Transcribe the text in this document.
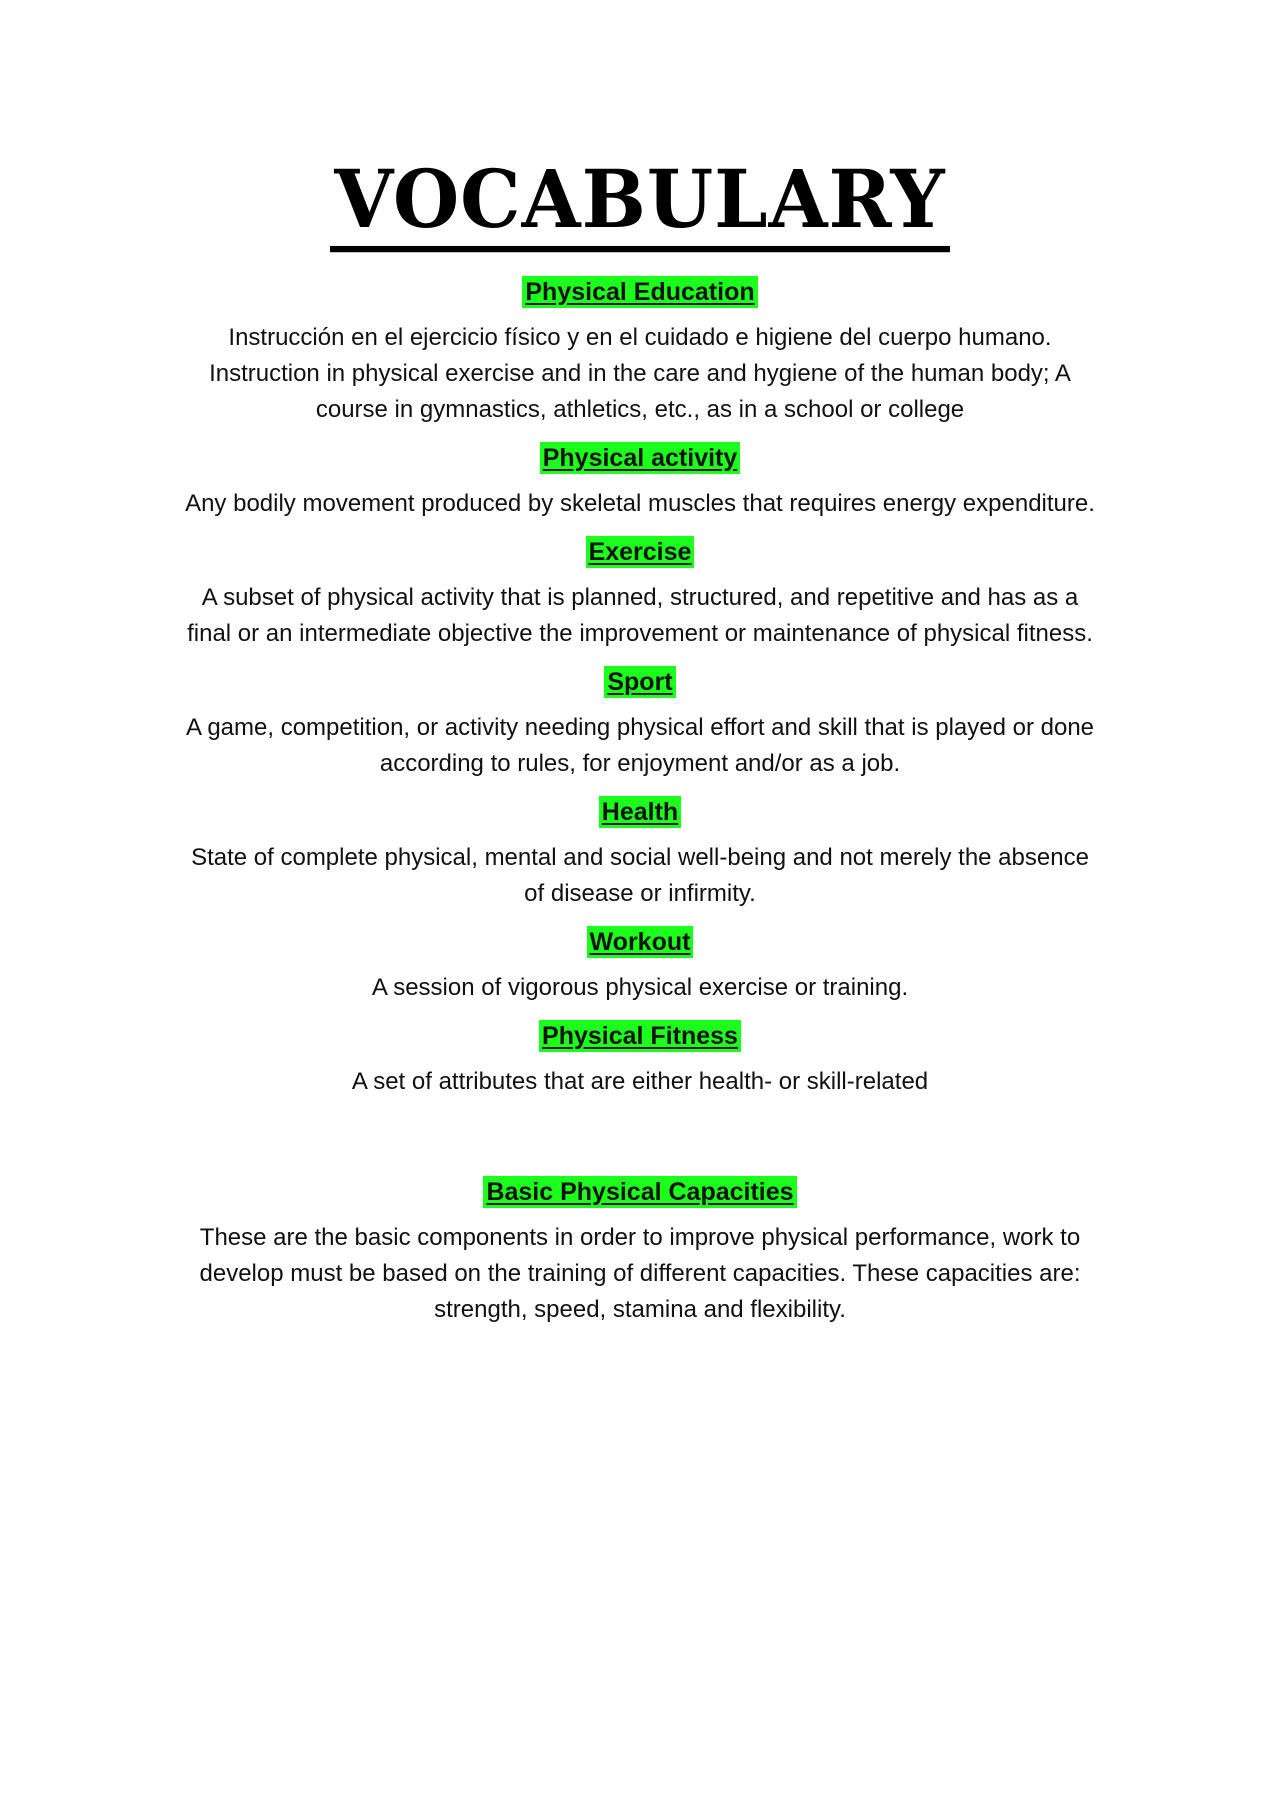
VOCABULARY
Physical Education

Instrucción en el ejercicio físico y en el cuidado e higiene del cuerpo humano. Instruction in physical exercise and in the care and hygiene of the human body; A course in gymnastics, athletics, etc., as in a school or college

Physical activity

Any bodily movement produced by skeletal muscles that requires energy expenditure.

Exercise

A subset of physical activity that is planned, structured, and repetitive and has as a final or an intermediate objective the improvement or maintenance of physical fitness.

Sport

A game, competition, or activity needing physical effort and skill that is played or done according to rules, for enjoyment and/or as a job.

Health

State of complete physical, mental and social well-being and not merely the absence of disease or infirmity.

Workout

A session of vigorous physical exercise or training.

Physical Fitness

A set of attributes that are either health- or skill-related

Basic Physical Capacities

These are the basic components in order to improve physical performance, work to develop must be based on the training of different capacities. These capacities are: strength, speed, stamina and flexibility.
